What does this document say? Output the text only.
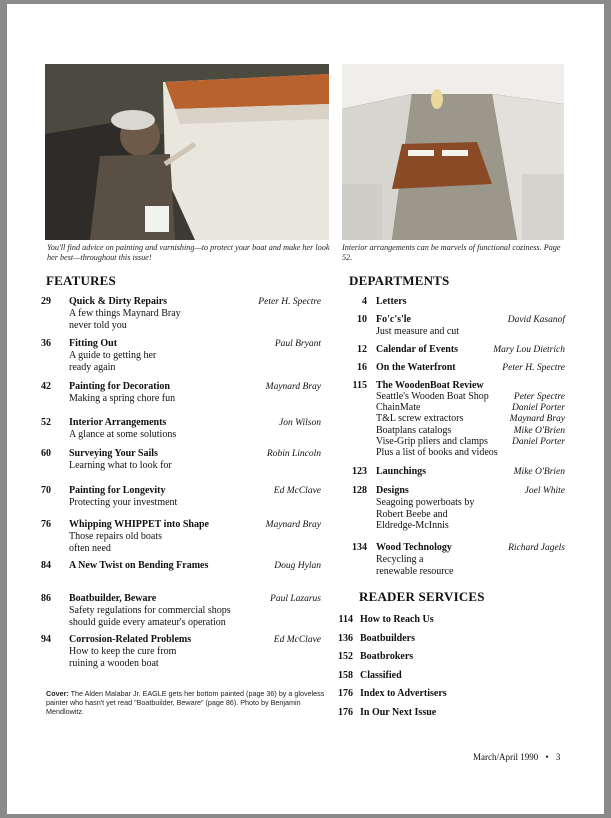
You'll find advice on painting and varnishing—to protect your boat and make her look her best—throughout this issue!
Interior arrangements can be marvels of functional coziness. Page 52.
FEATURES
29 Quick & Dirty Repairs	Peter H. Spectre
A few things Maynard Bray
never told you
36 Fitting Out	Paul Bryant
A guide to getting her
ready again
42 Painting for Decoration	Maynard Bray
Making a spring chore fun
52 Interior Arrangements	Jon Wilson
A glance at some solutions
60 Surveying Your Sails	Robin Lincoln
Learning what to look for
70 Painting for Longevity	Ed McClave
Protecting your investment
76 Whipping WHIPPET into Shape	Maynard Bray
Those repairs old boats
often need
84 A New Twist on Bending Frames	Doug Hylan
86 Boatbuilder, Beware	Paul Lazarus
Safety regulations for commercial shops
should guide every amateur's operation
94 Corrosion-Related Problems	Ed McClave
How to keep the cure from
ruining a wooden boat
Cover: The Alden Malabar Jr. EAGLE gets her bottom painted (page 36) by a gloveless painter who hasn't yet read "Boatbuilder, Beware" (page 86). Photo by Benjamin Mendlowitz.
DEPARTMENTS
4 Letters
10 Fo'c's'le	David Kasanof
Just measure and cut
12 Calendar of Events	Mary Lou Dietrich
16 On the Waterfront	Peter H. Spectre
115 The WoodenBoat Review
Seattle's Wooden Boat Shop	Peter Spectre
ChainMate	Daniel Porter
T&L screw extractors	Maynard Bray
Boatplans catalogs	Mike O'Brien
Vise-Grip pliers and clamps	Daniel Porter
Plus a list of books and videos
123 Launchings	Mike O'Brien
128 Designs	Joel White
Seagoing powerboats by
Robert Beebe and
Eldredge-McInnis
134 Wood Technology	Richard Jagels
Recycling a
renewable resource
READER SERVICES
114 How to Reach Us
136 Boatbuilders
152 Boatbrokers
158 Classified
176 Index to Advertisers
176 In Our Next Issue
March/April 1990 • 3
